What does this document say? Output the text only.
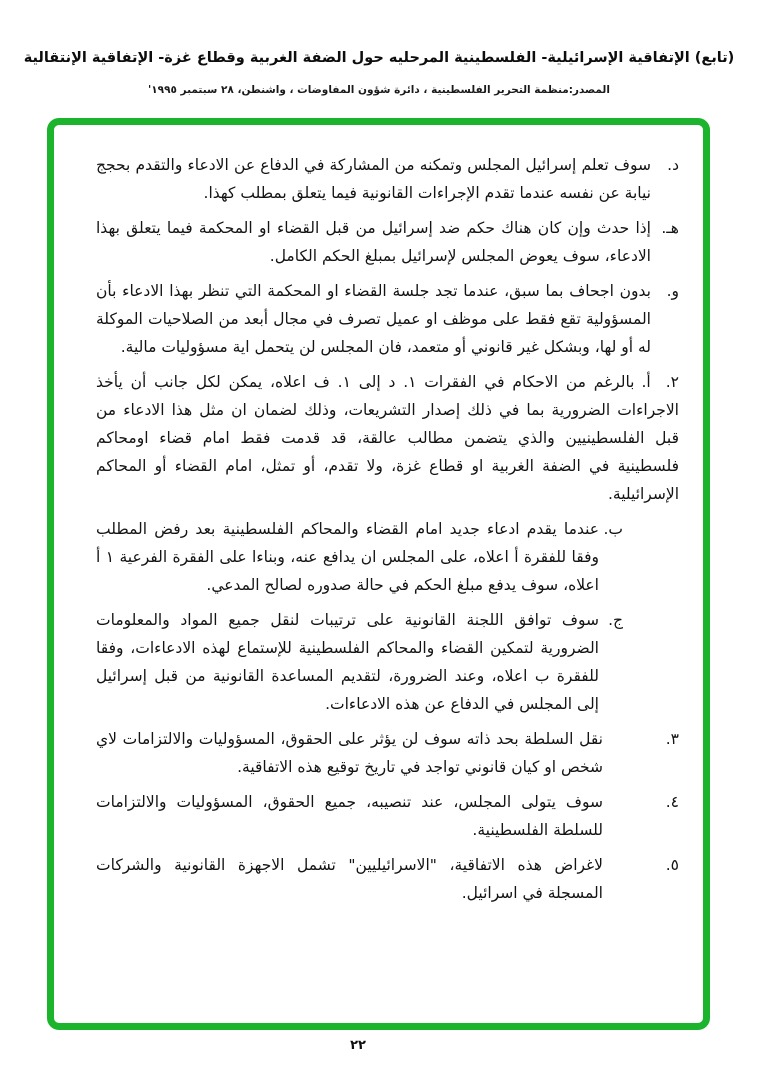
(تابع) الإتفاقية الإسرائيلية- الفلسطينية المرحليه حول الضفة الغربية وقطاع غزة- الإتفاقية الإنتقالية
المصدر:منظمة التحرير الفلسطينية ، دائرة شؤون المفاوضات ، واشنطن، ٢٨ سبتمبر ١٩٩٥'
د.
سوف تعلم إسرائيل المجلس وتمكنه من المشاركة في الدفاع عن الادعاء والتقدم بحجج نيابة عن نفسه عندما تقدم الإجراءات القانونية فيما يتعلق بمطلب كهذا.
هـ.
إذا حدث وإن كان هناك حكم ضد إسرائيل من قبل القضاء او المحكمة فيما يتعلق بهذا الادعاء، سوف يعوض المجلس لإسرائيل بمبلغ الحكم الكامل.
و.
بدون اجحاف بما سبق، عندما تجد جلسة القضاء او المحكمة التي تنظر بهذا الادعاء بأن المسؤولية تقع فقط على موظف او عميل تصرف في مجال أبعد من الصلاحيات الموكلة له أو لها، وبشكل غير قانوني أو متعمد، فان المجلس لن يتحمل اية مسؤوليات مالية.
٢.أ.بالرغم من الاحكام في الفقرات ١. د إلى ١. ف اعلاه، يمكن لكل جانب أن يأخذ الاجراءات الضرورية بما في ذلك إصدار التشريعات، وذلك لضمان ان مثل هذا الادعاء من قبل الفلسطينيين والذي يتضمن مطالب عالقة، قد قدمت فقط امام قضاء اومحاكم فلسطينية في الضفة الغربية او قطاع غزة، ولا تقدم، أو تمثل، امام القضاء أو المحاكم الإسرائيلية.
ب.
عندما يقدم ادعاء جديد امام القضاء والمحاكم الفلسطينية بعد رفض المطلب وفقا للفقرة أ اعلاه، على المجلس ان يدافع عنه، وبناءا على الفقرة الفرعية ١ أ اعلاه، سوف يدفع مبلغ الحكم في حالة صدوره لصالح المدعي.
ج.
سوف توافق اللجنة القانونية على ترتيبات لنقل جميع المواد والمعلومات الضرورية لتمكين القضاء والمحاكم الفلسطينية للإستماع لهذه الادعاءات، وفقا للفقرة ب اعلاه، وعند الضرورة، لتقديم المساعدة القانونية من قبل إسرائيل إلى المجلس في الدفاع عن هذه الادعاءات.
٣.
نقل السلطة بحد ذاته سوف لن يؤثر على الحقوق، المسؤوليات والالتزامات لاي شخص او كيان قانوني تواجد في تاريخ توقيع هذه الاتفاقية.
٤.
سوف يتولى المجلس، عند تنصيبه، جميع الحقوق، المسؤوليات والالتزامات للسلطة الفلسطينية.
٥.
لاغراض هذه الاتفاقية، "الاسرائيليين" تشمل الاجهزة القانونية والشركات المسجلة في اسرائيل.
٢٢
